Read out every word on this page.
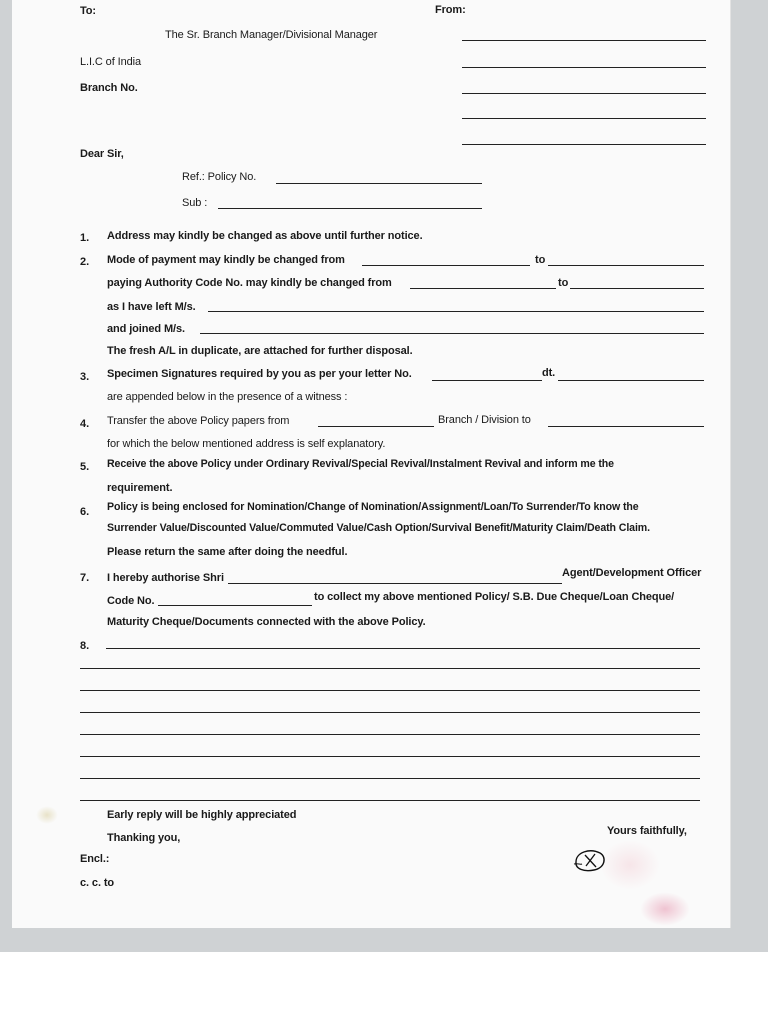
To:	From:
The Sr. Branch Manager/Divisional Manager
L.I.C of India
Branch No.
Dear Sir,
Ref.: Policy No.
Sub :
1. Address may kindly be changed as above until further notice.
2. Mode of payment may kindly be changed from	to
paying Authority Code No. may kindly be changed from	to
as I have left M/s.
and joined M/s.
The fresh A/L in duplicate, are attached for further disposal.
3. Specimen Signatures required by you as per your letter No.	dt.
are appended below in the presence of a witness :
4. Transfer the above Policy papers from	Branch / Division to
for which the below mentioned address is self explanatory.
5. Receive the above Policy under Ordinary Revival/Special Revival/Instalment Revival and inform me the
requirement.
6. Policy is being enclosed for Nomination/Change of Nomination/Assignment/Loan/To Surrender/To know the
Surrender Value/Discounted Value/Commuted Value/Cash Option/Survival Benefit/Maturity Claim/Death Claim.
Please return the same after doing the needful.
7. I hereby authorise Shri	Agent/Development Officer
Code No.	to collect my above mentioned Policy/ S.B. Due Cheque/Loan Cheque/
Maturity Cheque/Documents connected with the above Policy.
8.
Early reply will be highly appreciated
Thanking you,
Yours faithfully,
Encl.:
c. c. to
